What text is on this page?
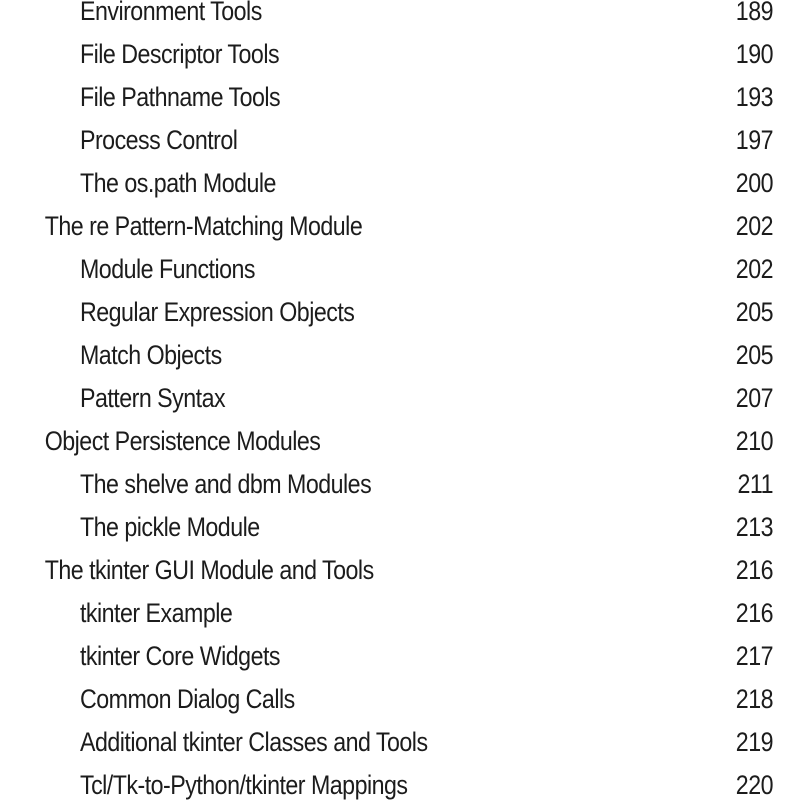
Environment Tools	189
File Descriptor Tools	190
File Pathname Tools	193
Process Control	197
The os.path Module	200
The re Pattern-Matching Module	202
Module Functions	202
Regular Expression Objects	205
Match Objects	205
Pattern Syntax	207
Object Persistence Modules	210
The shelve and dbm Modules	211
The pickle Module	213
The tkinter GUI Module and Tools	216
tkinter Example	216
tkinter Core Widgets	217
Common Dialog Calls	218
Additional tkinter Classes and Tools	219
Tcl/Tk-to-Python/tkinter Mappings	220
